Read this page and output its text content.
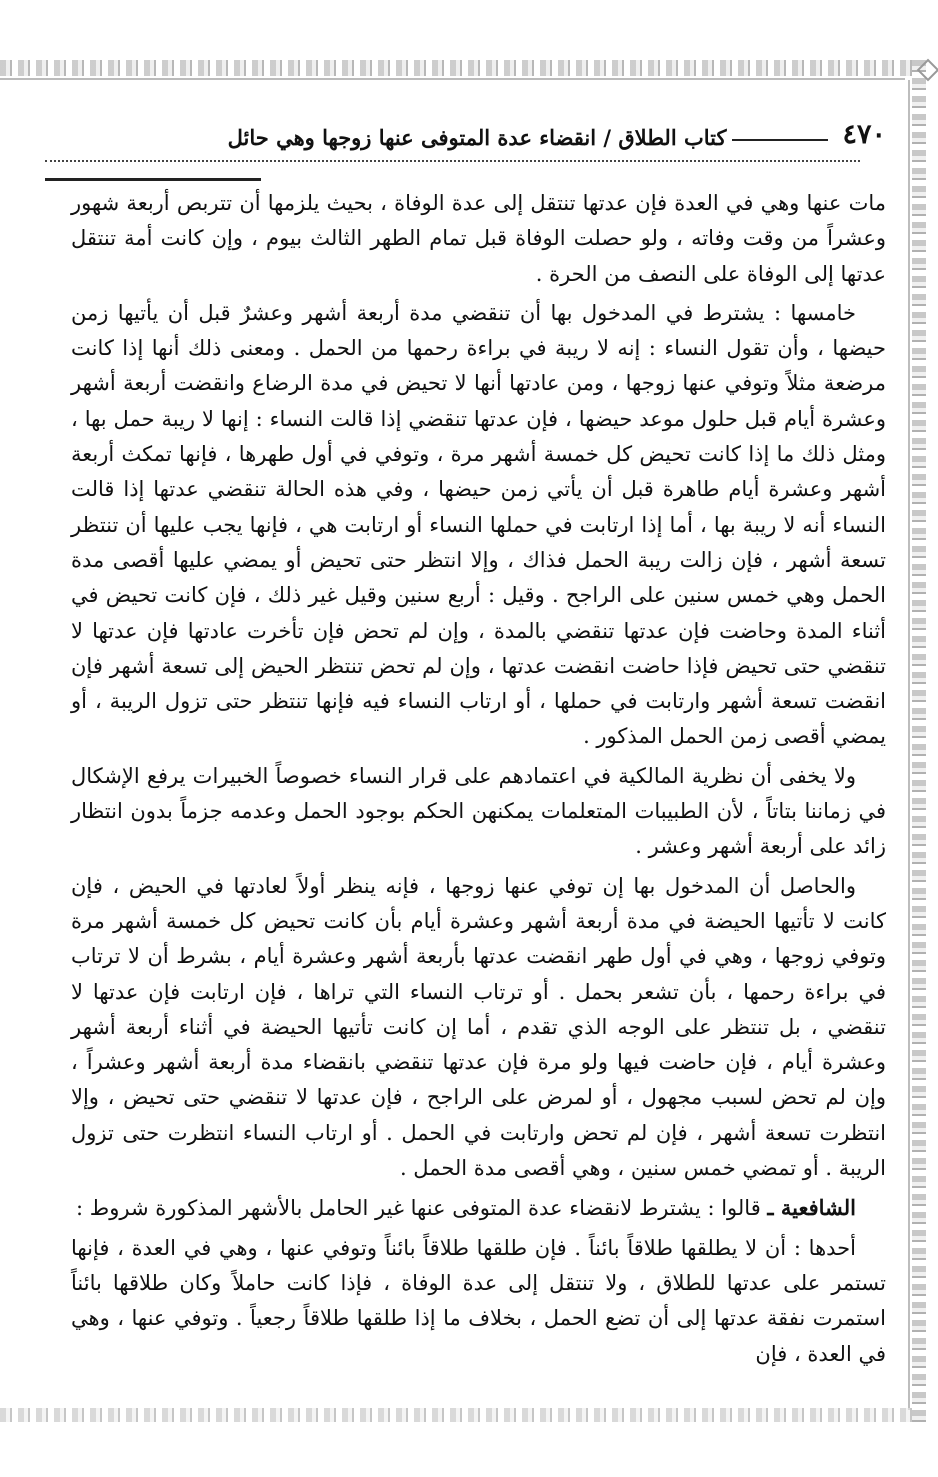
٤٧٠
كتاب الطلاق / انقضاء عدة المتوفى عنها زوجها وهي حائل

مات عنها وهي في العدة فإن عدتها تنتقل إلى عدة الوفاة ، بحيث يلزمها أن تتربص أربعة شهور وعشراً من وقت وفاته ، ولو حصلت الوفاة قبل تمام الطهر الثالث بيوم ، وإن كانت أمة تنتقل عدتها إلى الوفاة على النصف من الحرة .

خامسها : يشترط في المدخول بها أن تنقضي مدة أربعة أشهر وعشرٌ قبل أن يأتيها زمن حيضها ، وأن تقول النساء : إنه لا ريبة في براءة رحمها من الحمل . ومعنى ذلك أنها إذا كانت مرضعة مثلاً وتوفي عنها زوجها ، ومن عادتها أنها لا تحيض في مدة الرضاع وانقضت أربعة أشهر وعشرة أيام قبل حلول موعد حيضها ، فإن عدتها تنقضي إذا قالت النساء : إنها لا ريبة حمل بها ، ومثل ذلك ما إذا كانت تحيض كل خمسة أشهر مرة ، وتوفي في أول طهرها ، فإنها تمكث أربعة أشهر وعشرة أيام طاهرة قبل أن يأتي زمن حيضها ، وفي هذه الحالة تنقضي عدتها إذا قالت النساء أنه لا ريبة بها ، أما إذا ارتابت في حملها النساء أو ارتابت هي ، فإنها يجب عليها أن تنتظر تسعة أشهر ، فإن زالت ريبة الحمل فذاك ، وإلا انتظر حتى تحيض أو يمضي عليها أقصى مدة الحمل وهي خمس سنين على الراجح . وقيل : أربع سنين وقيل غير ذلك ، فإن كانت تحيض في أثناء المدة وحاضت فإن عدتها تنقضي بالمدة ، وإن لم تحض فإن تأخرت عادتها فإن عدتها لا تنقضي حتى تحيض فإذا حاضت انقضت عدتها ، وإن لم تحض تنتظر الحيض إلى تسعة أشهر فإن انقضت تسعة أشهر وارتابت في حملها ، أو ارتاب النساء فيه فإنها تنتظر حتى تزول الريبة ، أو يمضي أقصى زمن الحمل المذكور .

ولا يخفى أن نظرية المالكية في اعتمادهم على قرار النساء خصوصاً الخبيرات يرفع الإشكال في زماننا بتاتاً ، لأن الطبيبات المتعلمات يمكنهن الحكم بوجود الحمل وعدمه جزماً بدون انتظار زائد على أربعة أشهر وعشر .

والحاصل أن المدخول بها إن توفي عنها زوجها ، فإنه ينظر أولاً لعادتها في الحيض ، فإن كانت لا تأتيها الحيضة في مدة أربعة أشهر وعشرة أيام بأن كانت تحيض كل خمسة أشهر مرة وتوفي زوجها ، وهي في أول طهر انقضت عدتها بأربعة أشهر وعشرة أيام ، بشرط أن لا ترتاب في براءة رحمها ، بأن تشعر بحمل . أو ترتاب النساء التي تراها ، فإن ارتابت فإن عدتها لا تنقضي ، بل تنتظر على الوجه الذي تقدم ، أما إن كانت تأتيها الحيضة في أثناء أربعة أشهر وعشرة أيام ، فإن حاضت فيها ولو مرة فإن عدتها تنقضي بانقضاء مدة أربعة أشهر وعشراً ، وإن لم تحض لسبب مجهول ، أو لمرض على الراجح ، فإن عدتها لا تنقضي حتى تحيض ، وإلا انتظرت تسعة أشهر ، فإن لم تحض وارتابت في الحمل . أو ارتاب النساء انتظرت حتى تزول الريبة . أو تمضي خمس سنين ، وهي أقصى مدة الحمل .

الشافعية ـ قالوا : يشترط لانقضاء عدة المتوفى عنها غير الحامل بالأشهر المذكورة شروط :

أحدها : أن لا يطلقها طلاقاً بائناً . فإن طلقها طلاقاً بائناً وتوفي عنها ، وهي في العدة ، فإنها تستمر على عدتها للطلاق ، ولا تنتقل إلى عدة الوفاة ، فإذا كانت حاملاً وكان طلاقها بائناً استمرت نفقة عدتها إلى أن تضع الحمل ، بخلاف ما إذا طلقها طلاقاً رجعياً . وتوفي عنها ، وهي في العدة ، فإن
